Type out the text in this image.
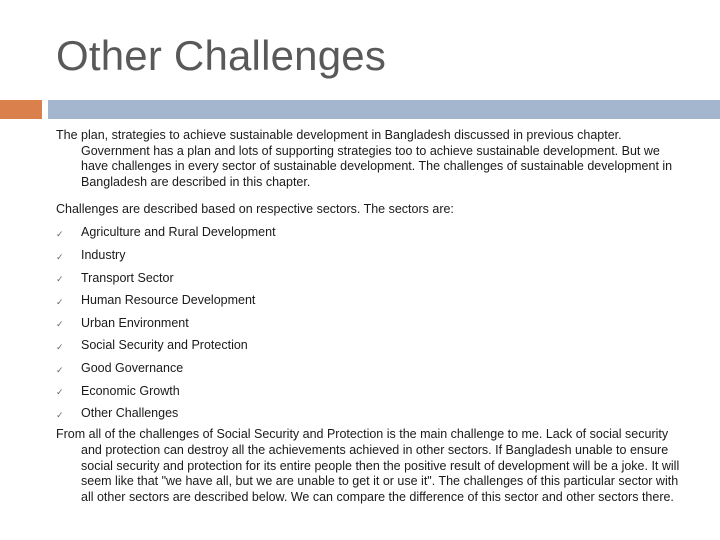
Other Challenges

The plan, strategies to achieve sustainable development in Bangladesh discussed in previous chapter. Government has a plan and lots of supporting strategies too to achieve sustainable development. But we have challenges in every sector of sustainable development. The challenges of sustainable development in Bangladesh are described in this chapter.

Challenges are described based on respective sectors. The sectors are:

✓	Agriculture and Rural Development
✓	Industry
✓	Transport Sector
✓	Human Resource Development
✓	Urban Environment
✓	Social Security and Protection
✓	Good Governance
✓	Economic Growth
✓	Other Challenges

From all of the challenges of Social Security and Protection is the main challenge to me. Lack of social security and protection can destroy all the achievements achieved in other sectors. If Bangladesh unable to ensure social security and protection for its entire people then the positive result of development will be a joke. It will seem like that "we have all, but we are unable to get it or use it". The challenges of this particular sector with all other sectors are described below. We can compare the difference of this sector and other sectors there.
